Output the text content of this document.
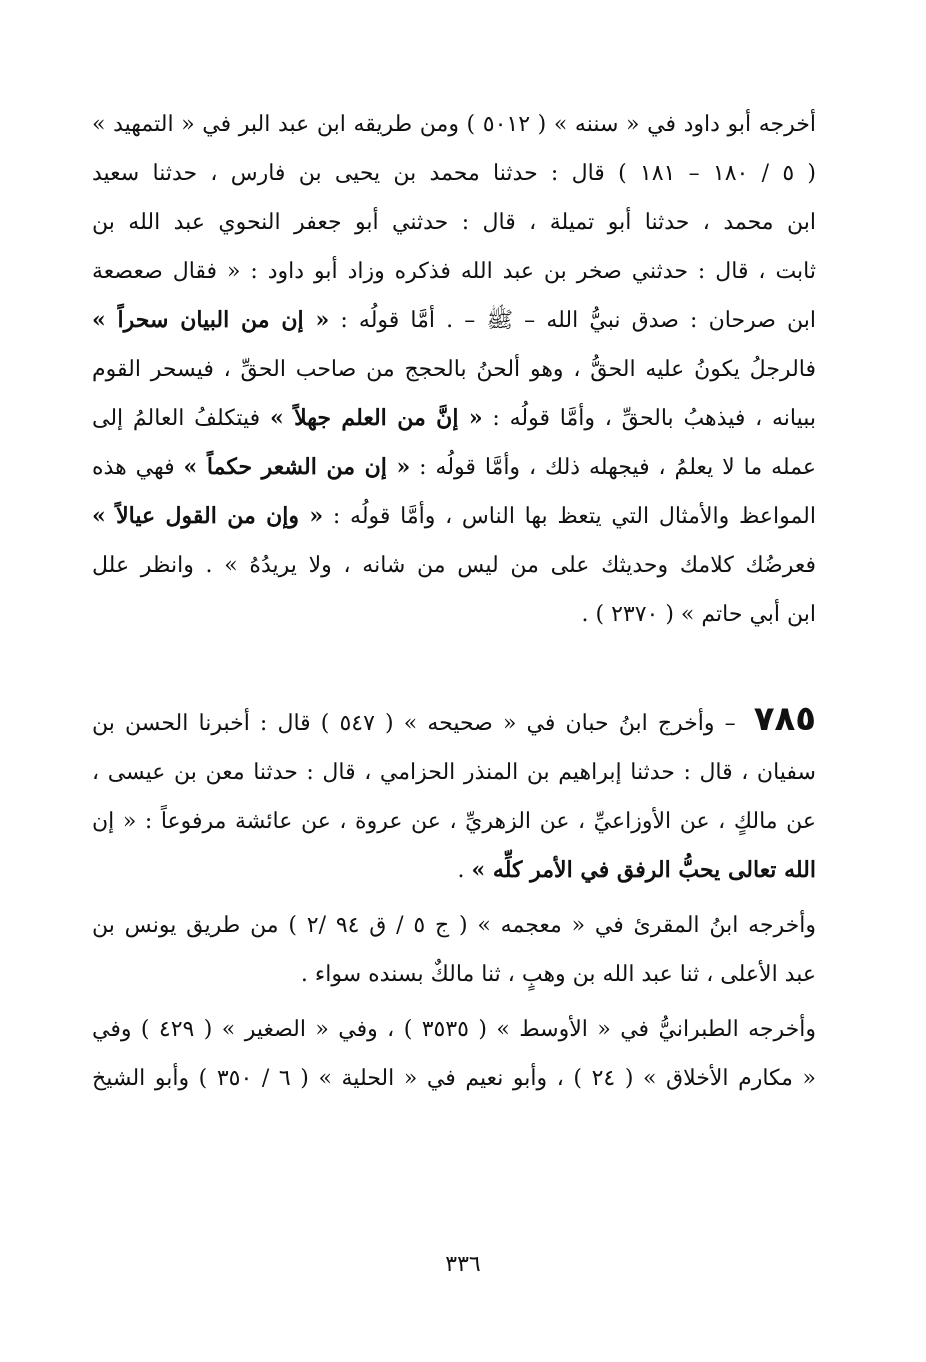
أخرجه أبو داود في « سننه » ( ٥٠١٢ ) ومن طريقه ابن عبد البر في « التمهيد »
( ٥ / ١٨٠ – ١٨١ ) قال : حدثنا محمد بن يحيى بن فارس ، حدثنا سعيد
ابن محمد ، حدثنا أبو تميلة ، قال : حدثني أبو جعفر النحوي عبد الله بن
ثابت ، قال : حدثني صخر بن عبد الله فذكره وزاد أبو داود : « فقال صعصعة
ابن صرحان : صدق نبيُّ الله – ﷺ – . أمَّا قولُه : « إن من البيان سحراً »
فالرجلُ يكونُ عليه الحقُّ ، وهو ألحنُ بالحجج من صاحب الحقِّ ، فيسحر القوم
ببيانه ، فيذهبُ بالحقِّ ، وأمَّا قولُه : « إنَّ من العلم جهلاً » فيتكلفُ العالمُ إلى
عمله ما لا يعلمُ ، فيجهله ذلك ، وأمَّا قولُه : « إن من الشعر حكماً » فهي هذه
المواعظ والأمثال التي يتعظ بها الناس ، وأمَّا قولُه : « وإن من القول عيالاً »
فعرضُك كلامك وحديثك على من ليس من شانه ، ولا يريدُهُ » . وانظر علل
ابن أبي حاتم » ( ٢٣٧٠ ) .
٧٨٥ – وأخرج ابنُ حبان في « صحيحه » ( ٥٤٧ ) قال : أخبرنا الحسن بن
سفيان ، قال : حدثنا إبراهيم بن المنذر الحزامي ، قال : حدثنا معن بن عيسى ،
عن مالكٍ ، عن الأوزاعيِّ ، عن الزهريِّ ، عن عروة ، عن عائشة مرفوعاً : « إن
الله تعالى يحبُّ الرفق في الأمر كلِّه » .
وأخرجه ابنُ المقرئ في « معجمه » ( ج ٥ / ق ٩٤ /٢ ) من طريق يونس بن
عبد الأعلى ، ثنا عبد الله بن وهبٍ ، ثنا مالكٌ بسنده سواء .
وأخرجه الطبرانيُّ في « الأوسط » ( ٣٥٣٥ ) ، وفي « الصغير » ( ٤٢٩ ) وفي
« مكارم الأخلاق » ( ٢٤ ) ، وأبو نعيم في « الحلية » ( ٦ / ٣٥٠ ) وأبو الشيخ
٣٣٦
